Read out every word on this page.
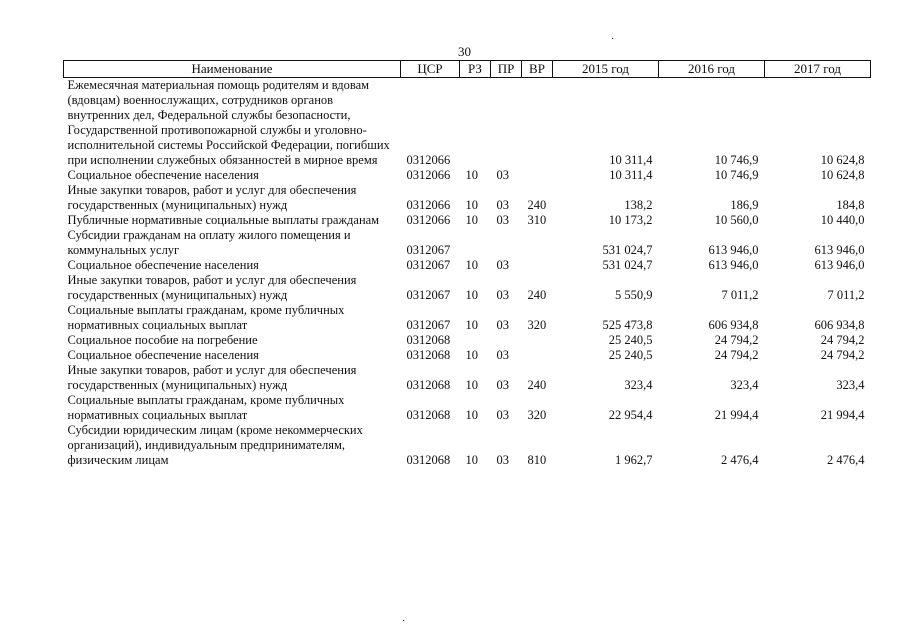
30
·
·
Наименование	ЦСР	РЗ	ПР	ВР	2015 год	2016 год	2017 год
Ежемесячная материальная помощь родителям и вдовам (вдовцам) военнослужащих, сотрудников органов внутренних дел, Федеральной службы безопасности, Государственной противопожарной службы и уголовно-исполнительной системы Российской Федерации, погибших при исполнении служебных обязанностей в мирное время	0312066				10 311,4	10 746,9	10 624,8
Социальное обеспечение населения	0312066	10	03		10 311,4	10 746,9	10 624,8
Иные закупки товаров, работ и услуг для обеспечения государственных (муниципальных) нужд	0312066	10	03	240	138,2	186,9	184,8
Публичные нормативные социальные выплаты гражданам	0312066	10	03	310	10 173,2	10 560,0	10 440,0
Субсидии гражданам на оплату жилого помещения и коммунальных услуг	0312067				531 024,7	613 946,0	613 946,0
Социальное обеспечение населения	0312067	10	03		531 024,7	613 946,0	613 946,0
Иные закупки товаров, работ и услуг для обеспечения государственных (муниципальных) нужд	0312067	10	03	240	5 550,9	7 011,2	7 011,2
Социальные выплаты гражданам, кроме публичных нормативных социальных выплат	0312067	10	03	320	525 473,8	606 934,8	606 934,8
Социальное пособие на погребение	0312068				25 240,5	24 794,2	24 794,2
Социальное обеспечение населения	0312068	10	03		25 240,5	24 794,2	24 794,2
Иные закупки товаров, работ и услуг для обеспечения государственных (муниципальных) нужд	0312068	10	03	240	323,4	323,4	323,4
Социальные выплаты гражданам, кроме публичных нормативных социальных выплат	0312068	10	03	320	22 954,4	21 994,4	21 994,4
Субсидии юридическим лицам (кроме некоммерческих организаций), индивидуальным предпринимателям, физическим лицам	0312068	10	03	810	1 962,7	2 476,4	2 476,4
